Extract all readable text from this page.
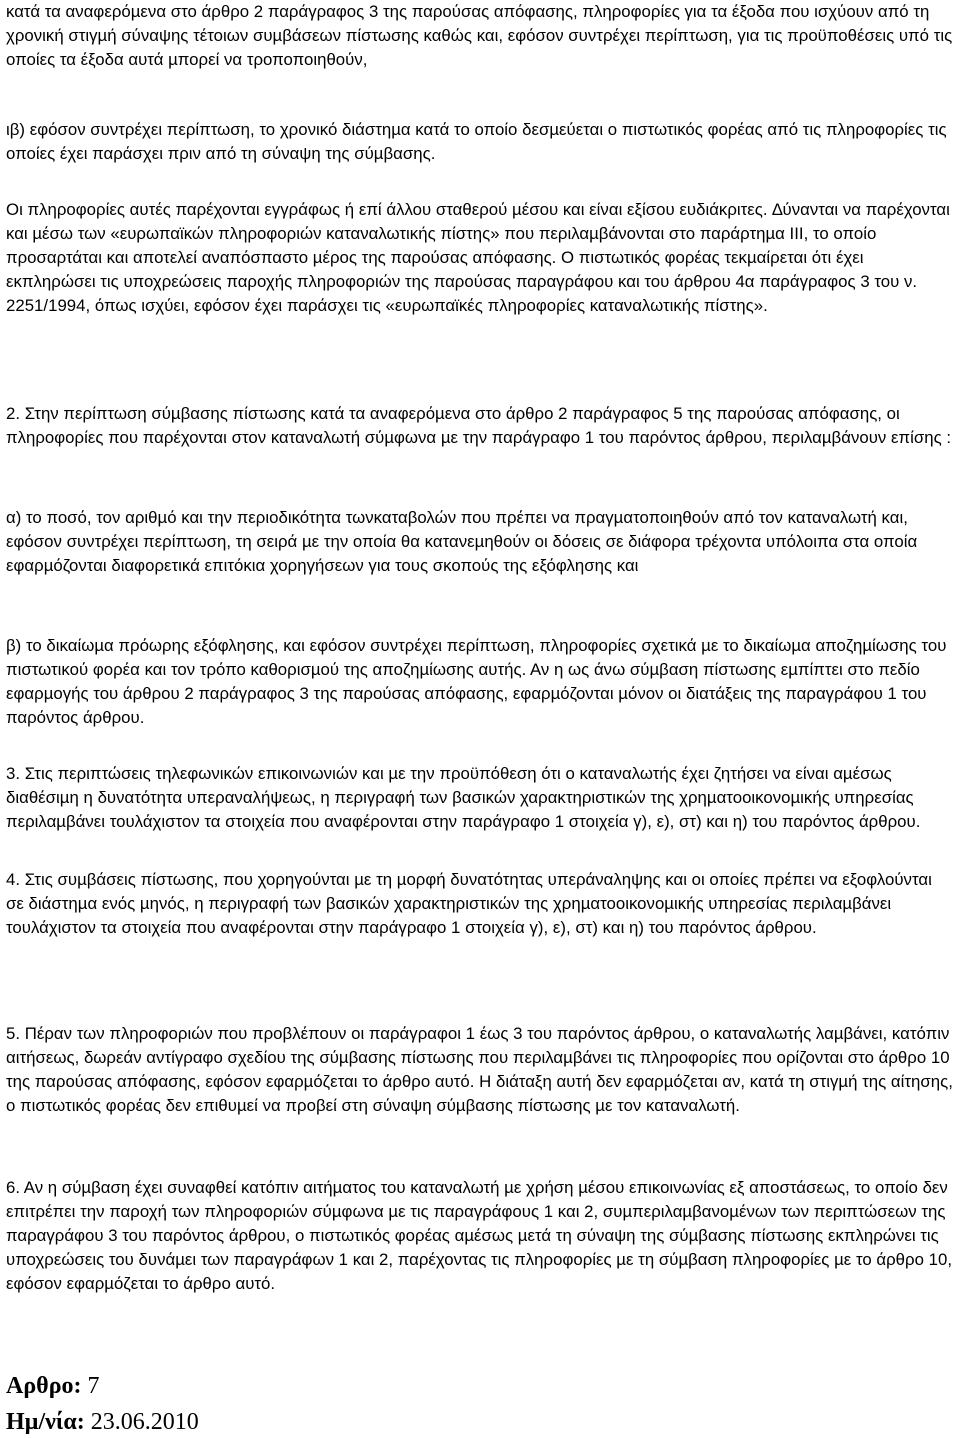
κατά τα αναφερόµενα στο άρθρο 2 παράγραφος 3 της παρούσας απόφασης, πληροφορίες για τα έξοδα που ισχύουν από τη χρονική στιγµή σύναψης τέτοιων συµβάσεων πίστωσης καθώς και, εφόσον συντρέχει περίπτωση, για τις προϋποθέσεις υπό τις οποίες τα έξοδα αυτά µπορεί να τροποποιηθούν,

ιβ) εφόσον συντρέχει περίπτωση, το χρονικό διάστηµα κατά το οποίο δεσµεύεται ο πιστωτικός φορέας από τις πληροφορίες τις οποίες έχει παράσχει πριν από τη σύναψη της σύµβασης.

Οι πληροφορίες αυτές παρέχονται εγγράφως ή επί άλλου σταθερού µέσου και είναι εξίσου ευδιάκριτες. ∆ύνανται να παρέχονται και µέσω των «ευρωπαϊκών πληροφοριών καταναλωτικής πίστης» που περιλαµβάνονται στο παράρτηµα ΙΙΙ, το οποίο προσαρτάται και αποτελεί αναπόσπαστο µέρος της παρούσας απόφασης. Ο πιστωτικός φορέας τεκµαίρεται ότι έχει εκπληρώσει τις υποχρεώσεις παροχής πληροφοριών της παρούσας παραγράφου και του άρθρου 4α παράγραφος 3 του ν. 2251/1994, όπως ισχύει, εφόσον έχει παράσχει τις «ευρωπαϊκές πληροφορίες καταναλωτικής πίστης».

2. Στην περίπτωση σύµβασης πίστωσης κατά τα αναφερόµενα στο άρθρο 2 παράγραφος 5 της παρούσας απόφασης, οι πληροφορίες που παρέχονται στον καταναλωτή σύµφωνα µε την παράγραφο 1 του παρόντος άρθρου, περιλαµβάνουν επίσης :

α) το ποσό, τον αριθµό και την περιοδικότητα τωνκαταβολών που πρέπει να πραγµατοποιηθούν από τον καταναλωτή και, εφόσον συντρέχει περίπτωση, τη σειρά µε την οποία θα κατανεµηθούν οι δόσεις σε διάφορα τρέχοντα υπόλοιπα στα οποία εφαρµόζονται διαφορετικά επιτόκια χορηγήσεων για τους σκοπούς της εξόφλησης και

β) το δικαίωµα πρόωρης εξόφλησης, και εφόσον συντρέχει περίπτωση, πληροφορίες σχετικά µε το δικαίωµα αποζηµίωσης του πιστωτικού φορέα και τον τρόπο καθορισµού της αποζηµίωσης αυτής. Αν η ως άνω σύµβαση πίστωσης εµπίπτει στο πεδίο εφαρµογής του άρθρου 2 παράγραφος 3 της παρούσας απόφασης, εφαρµόζονται µόνον οι διατάξεις της παραγράφου 1 του παρόντος άρθρου.

3. Στις περιπτώσεις τηλεφωνικών επικοινωνιών και µε την προϋπόθεση ότι ο καταναλωτής έχει ζητήσει να είναι αµέσως διαθέσιµη η δυνατότητα υπεραναλήψεως, η περιγραφή των βασικών χαρακτηριστικών της χρηµατοοικονοµικής υπηρεσίας περιλαµβάνει τουλάχιστον τα στοιχεία που αναφέρονται στην παράγραφο 1 στοιχεία γ), ε), στ) και η) του παρόντος άρθρου.

4. Στις συµβάσεις πίστωσης, που χορηγούνται µε τη µορφή δυνατότητας υπεράναληψης και οι οποίες πρέπει να εξοφλούνται σε διάστηµα ενός µηνός, η περιγραφή των βασικών χαρακτηριστικών της χρηµατοοικονοµικής υπηρεσίας περιλαµβάνει τουλάχιστον τα στοιχεία που αναφέρονται στην παράγραφο 1 στοιχεία γ), ε), στ) και η) του παρόντος άρθρου.

5. Πέραν των πληροφοριών που προβλέπουν οι παράγραφοι 1 έως 3 του παρόντος άρθρου, ο καταναλωτής λαµβάνει, κατόπιν αιτήσεως, δωρεάν αντίγραφο σχεδίου της σύµβασης πίστωσης που περιλαµβάνει τις πληροφορίες που ορίζονται στο άρθρο 10 της παρούσας απόφασης, εφόσον εφαρµόζεται το άρθρο αυτό. Η διάταξη αυτή δεν εφαρµόζεται αν, κατά τη στιγµή της αίτησης, ο πιστωτικός φορέας δεν επιθυµεί να προβεί στη σύναψη σύµβασης πίστωσης µε τον καταναλωτή.

6. Αν η σύµβαση έχει συναφθεί κατόπιν αιτήµατος του καταναλωτή µε χρήση µέσου επικοινωνίας εξ αποστάσεως, το οποίο δεν επιτρέπει την παροχή των πληροφοριών σύµφωνα µε τις παραγράφους 1 και 2, συµπεριλαµβανοµένων των περιπτώσεων της παραγράφου 3 του παρόντος άρθρου, ο πιστωτικός φορέας αµέσως µετά τη σύναψη της σύµβασης πίστωσης εκπληρώνει τις υποχρεώσεις του δυνάµει των παραγράφων 1 και 2, παρέχοντας τις πληροφορίες µε τη σύµβαση πληροφορίες µε το άρθρο 10, εφόσον εφαρµόζεται το άρθρο αυτό.

Αρθρο: 7
Ηµ/νία: 23.06.2010
